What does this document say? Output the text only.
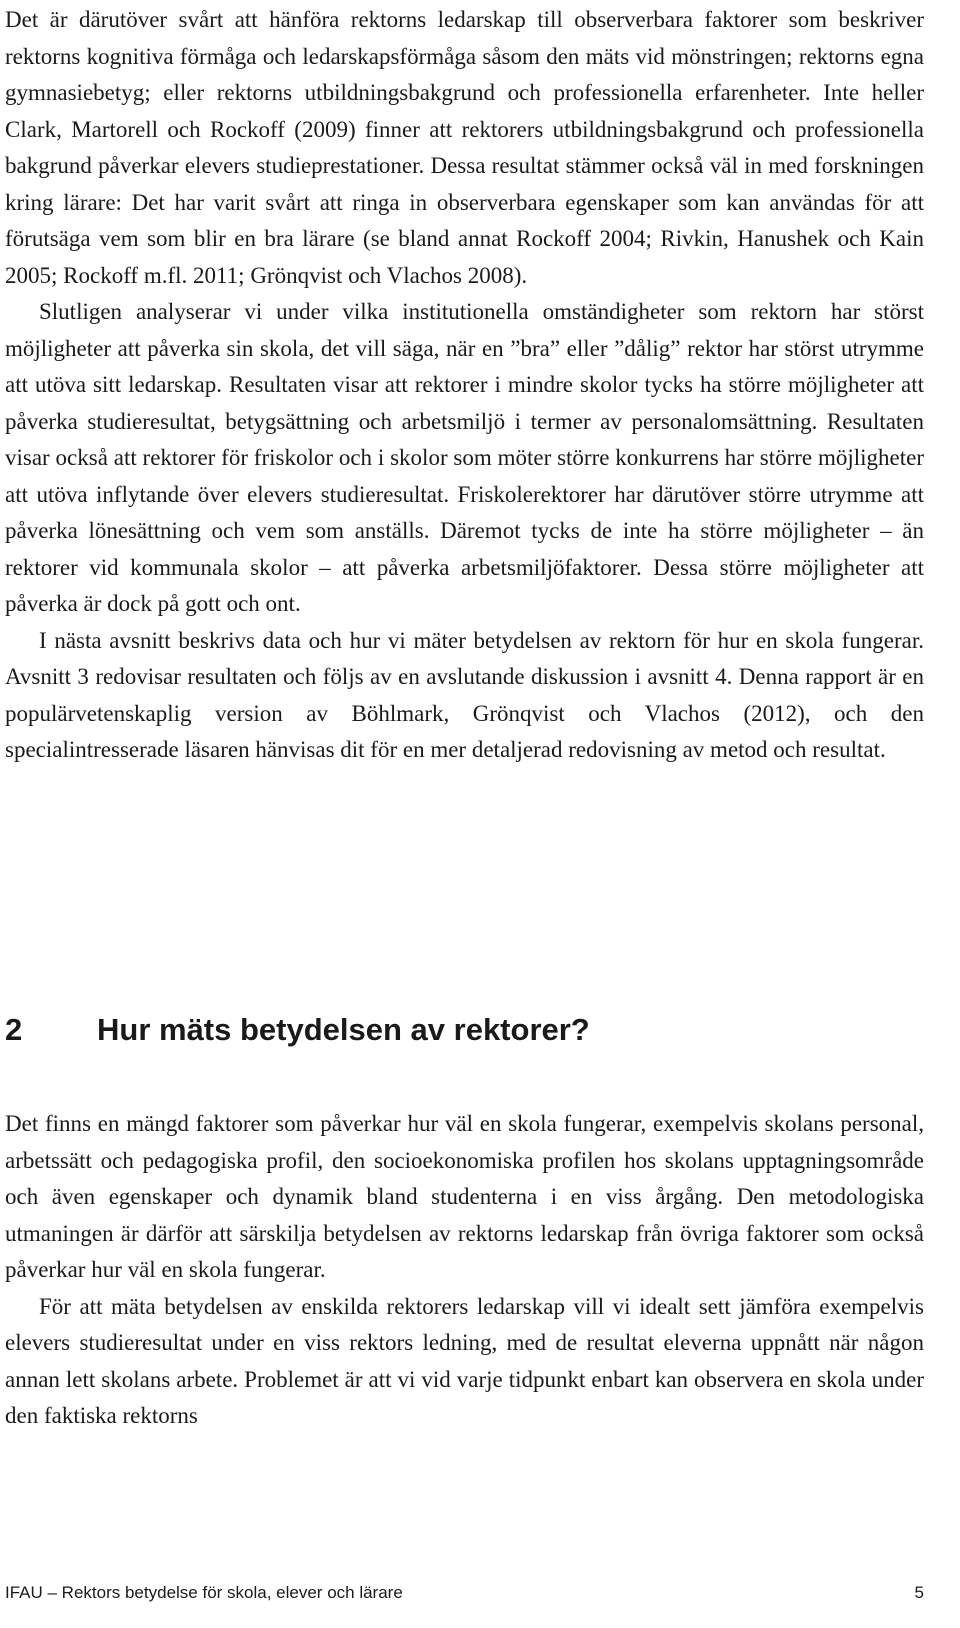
Det är därutöver svårt att hänföra rektorns ledarskap till observerbara faktorer som beskriver rektorns kognitiva förmåga och ledarskapsförmåga såsom den mäts vid mönstringen; rektorns egna gymnasiebetyg; eller rektorns utbildningsbakgrund och professionella erfarenheter. Inte heller Clark, Martorell och Rockoff (2009) finner att rektorers utbildningsbakgrund och professionella bakgrund påverkar elevers studieprestationer. Dessa resultat stämmer också väl in med forskningen kring lärare: Det har varit svårt att ringa in observerbara egenskaper som kan användas för att förutsäga vem som blir en bra lärare (se bland annat Rockoff 2004; Rivkin, Hanushek och Kain 2005; Rockoff m.fl. 2011; Grönqvist och Vlachos 2008).

Slutligen analyserar vi under vilka institutionella omständigheter som rektorn har störst möjligheter att påverka sin skola, det vill säga, när en ”bra” eller ”dålig” rektor har störst utrymme att utöva sitt ledarskap. Resultaten visar att rektorer i mindre skolor tycks ha större möjligheter att påverka studieresultat, betygsättning och arbetsmiljö i termer av personalomsättning. Resultaten visar också att rektorer för friskolor och i skolor som möter större konkurrens har större möjligheter att utöva inflytande över elevers studieresultat. Friskolerektorer har därutöver större utrymme att påverka lönesättning och vem som anställs. Däremot tycks de inte ha större möjligheter – än rektorer vid kommunala skolor – att påverka arbetsmiljöfaktorer. Dessa större möjligheter att påverka är dock på gott och ont.

I nästa avsnitt beskrivs data och hur vi mäter betydelsen av rektorn för hur en skola fungerar. Avsnitt 3 redovisar resultaten och följs av en avslutande diskussion i avsnitt 4. Denna rapport är en populärvetenskaplig version av Böhlmark, Grönqvist och Vlachos (2012), och den specialintresserade läsaren hänvisas dit för en mer detaljerad redovisning av metod och resultat.

2 Hur mäts betydelsen av rektorer?

Det finns en mängd faktorer som påverkar hur väl en skola fungerar, exempelvis skolans personal, arbetssätt och pedagogiska profil, den socioekonomiska profilen hos skolans upptagningsområde och även egenskaper och dynamik bland studenterna i en viss årgång. Den metodologiska utmaningen är därför att särskilja betydelsen av rektorns ledarskap från övriga faktorer som också påverkar hur väl en skola fungerar.

För att mäta betydelsen av enskilda rektorers ledarskap vill vi idealt sett jämföra exempelvis elevers studieresultat under en viss rektors ledning, med de resultat eleverna uppnått när någon annan lett skolans arbete. Problemet är att vi vid varje tidpunkt enbart kan observera en skola under den faktiska rektorns

IFAU – Rektors betydelse för skola, elever och lärare	5
